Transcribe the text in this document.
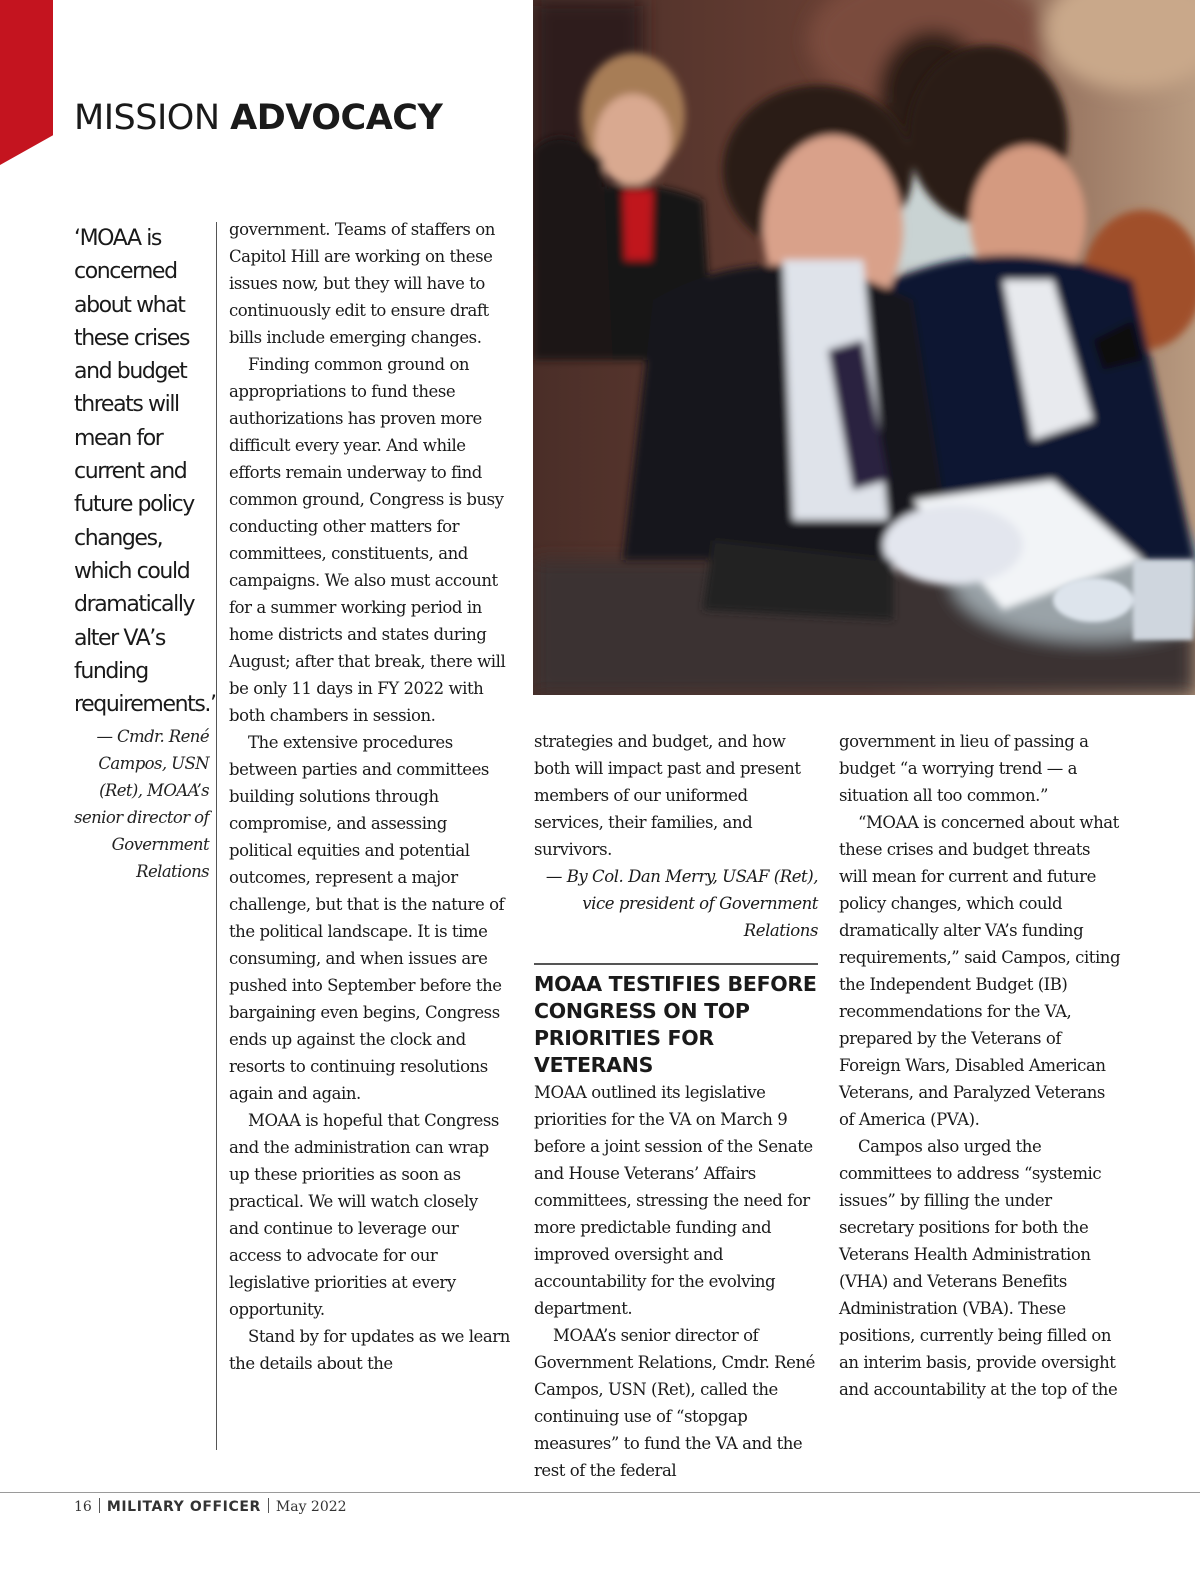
MISSION ADVOCACY
‘MOAA is concerned about what these crises and budget threats will mean for current and future policy changes, which could dramatically alter VA’s funding requirements.’
— Cmdr. René Campos, USN (Ret), MOAA’s senior director of Government Relations

government. Teams of staffers on Capitol Hill are working on these issues now, but they will have to continuously edit to ensure draft bills include emerging changes.

Finding common ground on appropriations to fund these authorizations has proven more difficult every year. And while efforts remain underway to find common ground, Congress is busy conducting other matters for committees, constituents, and campaigns. We also must account for a summer working period in home districts and states during August; after that break, there will be only 11 days in FY 2022 with both chambers in session.

The extensive procedures between parties and committees building solutions through compromise, and assessing political equities and potential outcomes, represent a major challenge, but that is the nature of the political landscape. It is time consuming, and when issues are pushed into September before the bargaining even begins, Congress ends up against the clock and resorts to continuing resolutions again and again.

MOAA is hopeful that Congress and the administration can wrap up these priorities as soon as practical. We will watch closely and continue to leverage our access to advocate for our legislative priorities at every opportunity.

Stand by for updates as we learn the details about the

strategies and budget, and how both will impact past and present members of our uniformed services, their families, and survivors.

— By Col. Dan Merry, USAF (Ret), vice president of Government Relations

MOAA TESTIFIES BEFORE CONGRESS ON TOP PRIORITIES FOR VETERANS

MOAA outlined its legislative priorities for the VA on March 9 before a joint session of the Senate and House Veterans’ Affairs committees, stressing the need for more predictable funding and improved oversight and accountability for the evolving department.

MOAA’s senior director of Government Relations, Cmdr. René Campos, USN (Ret), called the continuing use of “stopgap measures” to fund the VA and the rest of the federal

government in lieu of passing a budget “a worrying trend — a situation all too common.”

“MOAA is concerned about what these crises and budget threats will mean for current and future policy changes, which could dramatically alter VA’s funding requirements,” said Campos, citing the Independent Budget (IB) recommendations for the VA, prepared by the Veterans of Foreign Wars, Disabled American Veterans, and Paralyzed Veterans of America (PVA).

Campos also urged the committees to address “systemic issues” by filling the under secretary positions for both the Veterans Health Administration (VHA) and Veterans Benefits Administration (VBA). These positions, currently being filled on an interim basis, provide oversight and accountability at the top of the

16 MILITARY OFFICER May 2022
